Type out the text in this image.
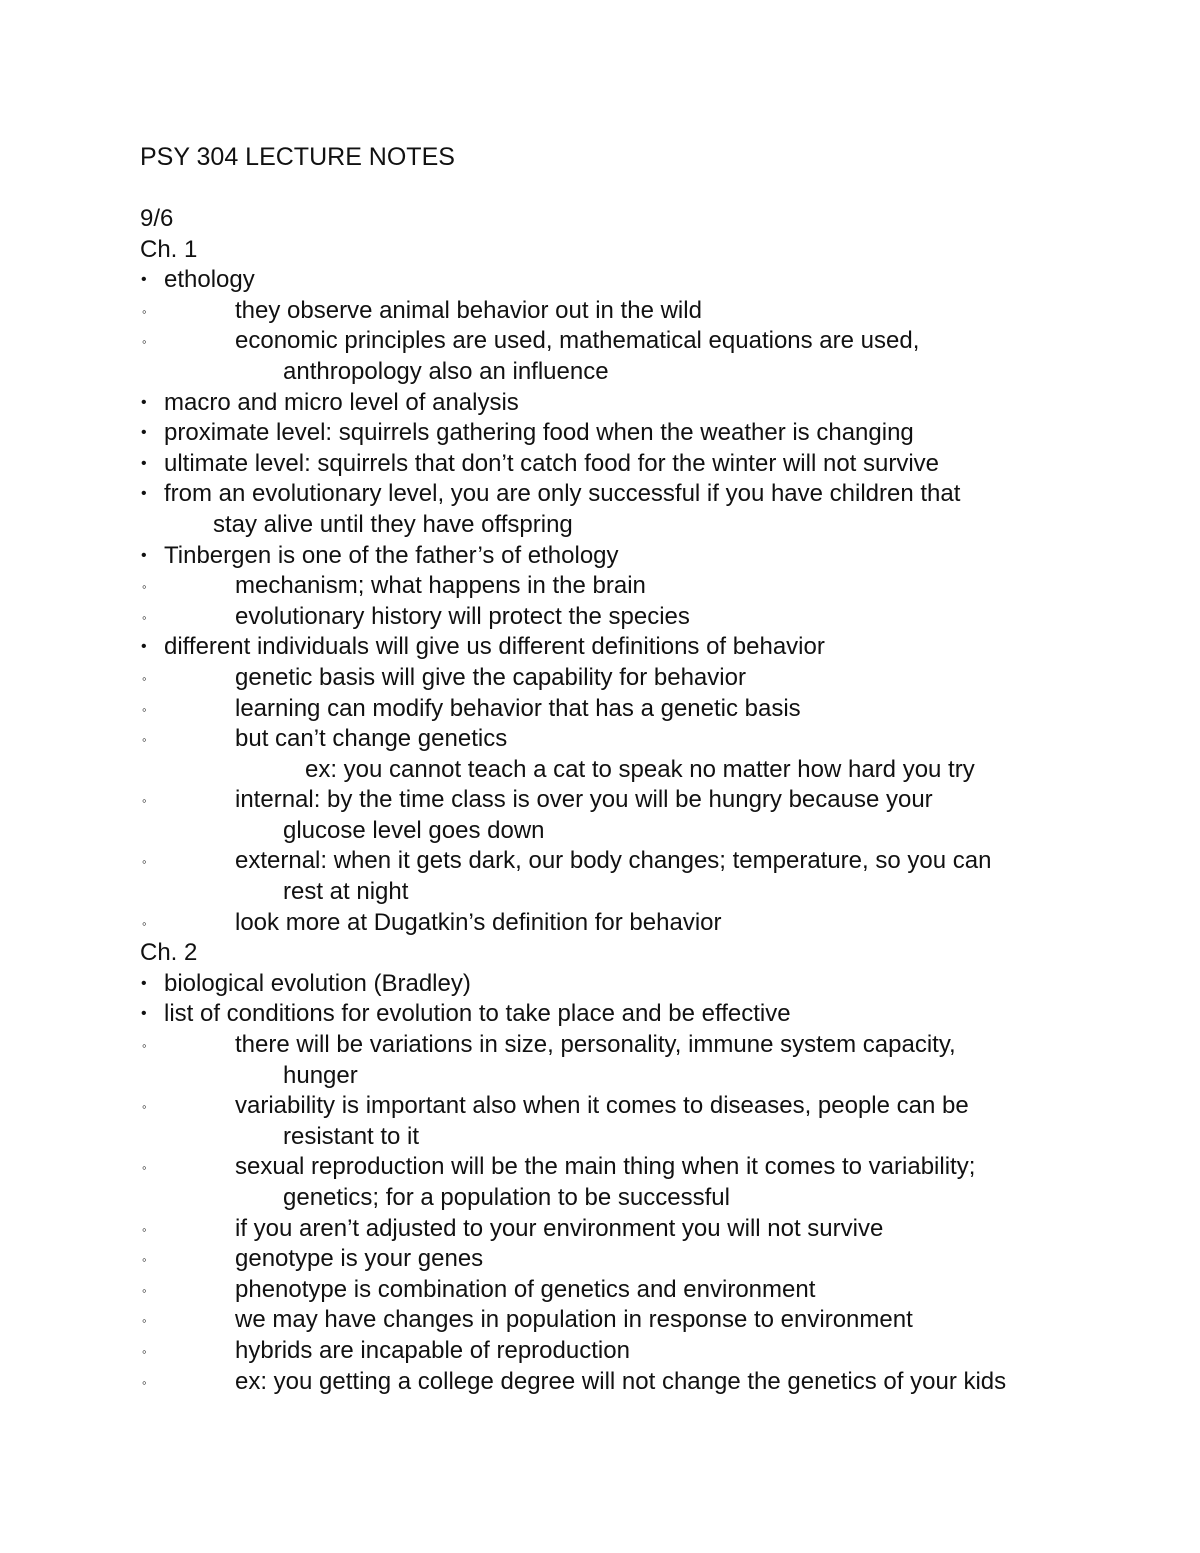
PSY 304 LECTURE NOTES
9/6
Ch. 1
• ethology
◦	they observe animal behavior out in the wild
◦	economic principles are used, mathematical equations are used,
anthropology also an influence
• macro and micro level of analysis
• proximate level: squirrels gathering food when the weather is changing
• ultimate level: squirrels that don’t catch food for the winter will not survive
• from an evolutionary level, you are only successful if you have children that
stay alive until they have offspring
• Tinbergen is one of the father’s of ethology
◦	mechanism; what happens in the brain
◦	evolutionary history will protect the species
• different individuals will give us different definitions of behavior
◦	genetic basis will give the capability for behavior
◦	learning can modify behavior that has a genetic basis
◦	but can’t change genetics
ex: you cannot teach a cat to speak no matter how hard you try
◦	internal: by the time class is over you will be hungry because your
glucose level goes down
◦	external: when it gets dark, our body changes; temperature, so you can
rest at night
◦	look more at Dugatkin’s definition for behavior
Ch. 2
• biological evolution (Bradley)
• list of conditions for evolution to take place and be effective
◦	there will be variations in size, personality, immune system capacity,
hunger
◦	variability is important also when it comes to diseases, people can be
resistant to it
◦	sexual reproduction will be the main thing when it comes to variability;
genetics; for a population to be successful
◦	if you aren’t adjusted to your environment you will not survive
◦	genotype is your genes
◦	phenotype is combination of genetics and environment
◦	we may have changes in population in response to environment
◦	hybrids are incapable of reproduction
◦	ex: you getting a college degree will not change the genetics of your kids
